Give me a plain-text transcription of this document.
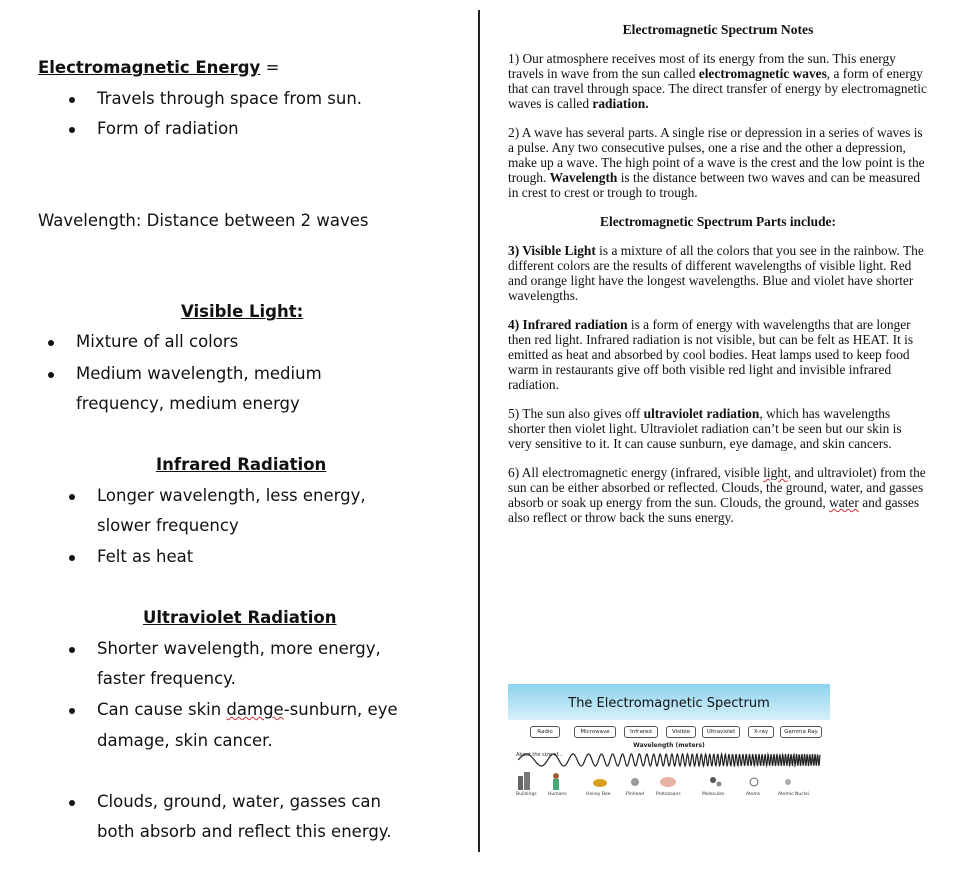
Electromagnetic Energy =
Travels through space from sun.
Form of radiation
Wavelength: Distance between 2 waves
Visible Light:
Mixture of all colors
Medium wavelength, medium
frequency, medium energy
Infrared Radiation
Longer wavelength, less energy,
slower frequency
Felt as heat
Ultraviolet Radiation
Shorter wavelength, more energy,
faster frequency.
Can cause skin damge-sunburn, eye
damage, skin cancer.
Clouds, ground, water, gasses can
both absorb and reflect this energy.
Electromagnetic Spectrum Notes
1) Our atmosphere receives most of its energy from the sun. This energy travels in wave from the sun called electromagnetic waves, a form of energy that can travel through space. The direct transfer of energy by electromagnetic waves is called radiation.
2) A wave has several parts. A single rise or depression in a series of waves is a pulse. Any two consecutive pulses, one a rise and the other a depression, make up a wave. The high point of a wave is the crest and the low point is the trough. Wavelength is the distance between two waves and can be measured in crest to crest or trough to trough.
Electromagnetic Spectrum Parts include:
3) Visible Light is a mixture of all the colors that you see in the rainbow. The different colors are the results of different wavelengths of visible light. Red and orange light have the longest wavelengths. Blue and violet have shorter wavelengths.
4) Infrared radiation is a form of energy with wavelengths that are longer then red light. Infrared radiation is not visible, but can be felt as HEAT. It is emitted as heat and absorbed by cool bodies. Heat lamps used to keep food warm in restaurants give off both visible red light and invisible infrared radiation.
5) The sun also gives off ultraviolet radiation, which has wavelengths shorter then violet light. Ultraviolet radiation can’t be seen but our skin is very sensitive to it. It can cause sunburn, eye damage, and skin cancers.
6) All electromagnetic energy (infrared, visible light, and ultraviolet) from the sun can be either absorbed or reflected. Clouds, the ground, water, and gasses absorb or soak up energy from the sun. Clouds, the ground, water and gasses also reflect or throw back the suns energy.
The Electromagnetic Spectrum
Radio	Microwave	Infrared	Visible	Ultraviolet	X-ray	Gamma Ray
Wavelength (meters)
About the size of...
Buildings	Humans	Honey Bee	Pinhead	Protozoans	Molecules	Atoms	Atomic Nuclei
